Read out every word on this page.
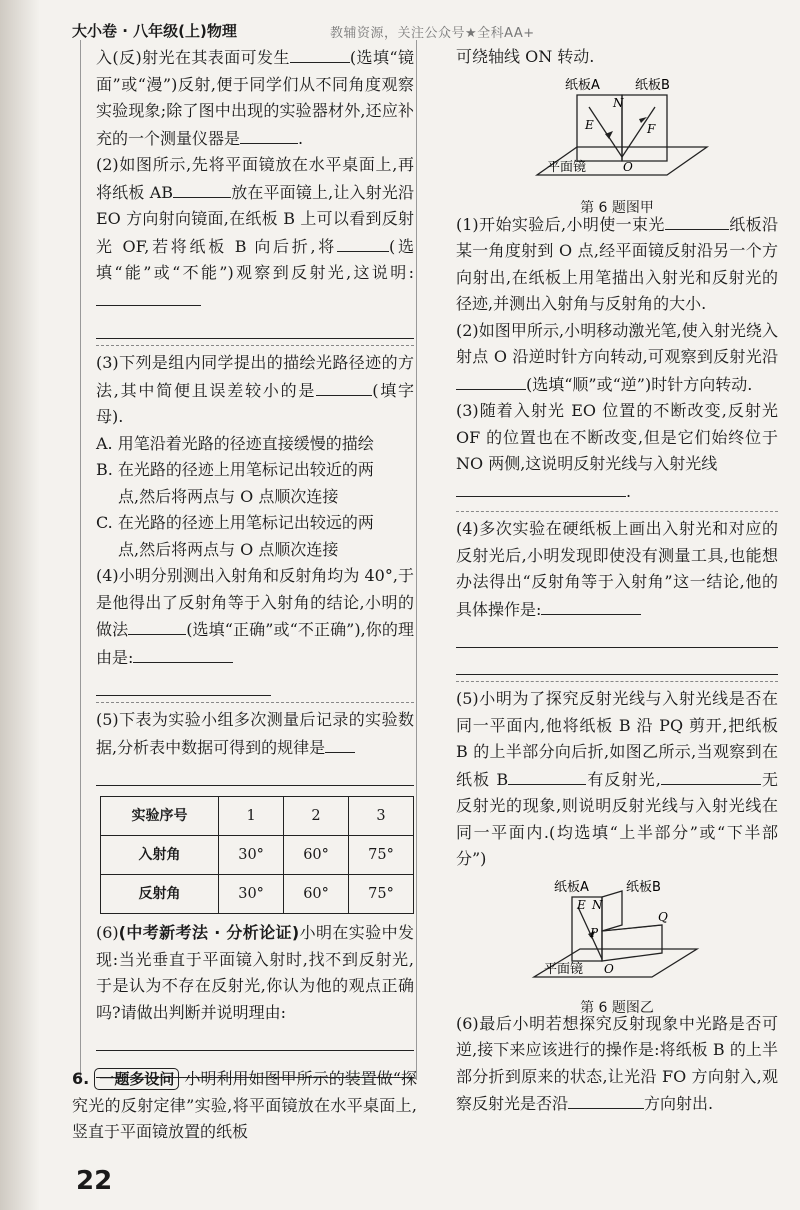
大小卷 · 八年级(上)物理	教辅资源，关注公众号★全科AA+

入(反)射光在其表面可发生	(选填“镜面”或“漫”)反射,便于同学们从不同角度观察实验现象;除了图中出现的实验器材外,还应补充的一个测量仪器是	.

(2)如图所示,先将平面镜放在水平桌面上,再将纸板 AB	放在平面镜上,让入射光沿 EO 方向射向镜面,在纸板 B 上可以看到反射光 OF,若将纸板 B 向后折,将	(选填“能”或“不能”)观察到反射光,这说明:

(3)下列是组内同学提出的描绘光路径迹的方法,其中简便且误差较小的是	(填字母).

A. 用笔沿着光路的径迹直接缓慢的描绘

B. 在光路的径迹上用笔标记出较近的两

点,然后将两点与 O 点顺次连接

C. 在光路的径迹上用笔标记出较远的两

点,然后将两点与 O 点顺次连接

(4)小明分别测出入射角和反射角均为 40°,于是他得出了反射角等于入射角的结论,小明的做法	(选填“正确”或“不正确”),你的理由是:

(5)下表为实验小组多次测量后记录的实验数据,分析表中数据可得到的规律是

实验序号	1	2	3
入射角	30°	60°	75°
反射角	30°	60°	75°

(6)(中考新考法 · 分析论证)小明在实验中发现:当光垂直于平面镜入射时,找不到反射光,于是认为不存在反射光,你认为他的观点正确吗?请做出判断并说明理由:

6. 一题多设问 小明利用如图甲所示的装置做“探究光的反射定律”实验,将平面镜放在水平桌面上,竖直于平面镜放置的纸板

可绕轴线 ON 转动.

纸板A	纸板B
N
E	F
O
平面镜
第 6 题图甲

(1)开始实验后,小明使一束光	纸板沿某一角度射到 O 点,经平面镜反射沿另一个方向射出,在纸板上用笔描出入射光和反射光的径迹,并测出入射角与反射角的大小.

(2)如图甲所示,小明移动激光笔,使入射光绕入射点 O 沿逆时针方向转动,可观察到反射光沿(选填“顺”或“逆”)时针方向转动.

(3)随着入射光 EO 位置的不断改变,反射光 OF 的位置也在不断改变,但是它们始终位于 NO 两侧,这说明反射光线与入射光线

.

(4)多次实验在硬纸板上画出入射光和对应的反射光后,小明发现即使没有测量工具,也能想办法得出“反射角等于入射角”这一结论,他的具体操作是:

(5)小明为了探究反射光线与入射光线是否在同一平面内,他将纸板 B 沿 PQ 剪开,把纸板 B 的上半部分向后折,如图乙所示,当观察到在纸板 B	有反射光,	无反射光的现象,则说明反射光线与入射光线在同一平面内.(均选填“上半部分”或“下半部分”)

纸板A	纸板B
E N
P
Q
O
平面镜
第 6 题图乙

(6)最后小明若想探究反射现象中光路是否可逆,接下来应该进行的操作是:将纸板 B 的上半部分折到原来的状态,让光沿 FO 方向射入,观察反射光是否沿	方向射出.

22
